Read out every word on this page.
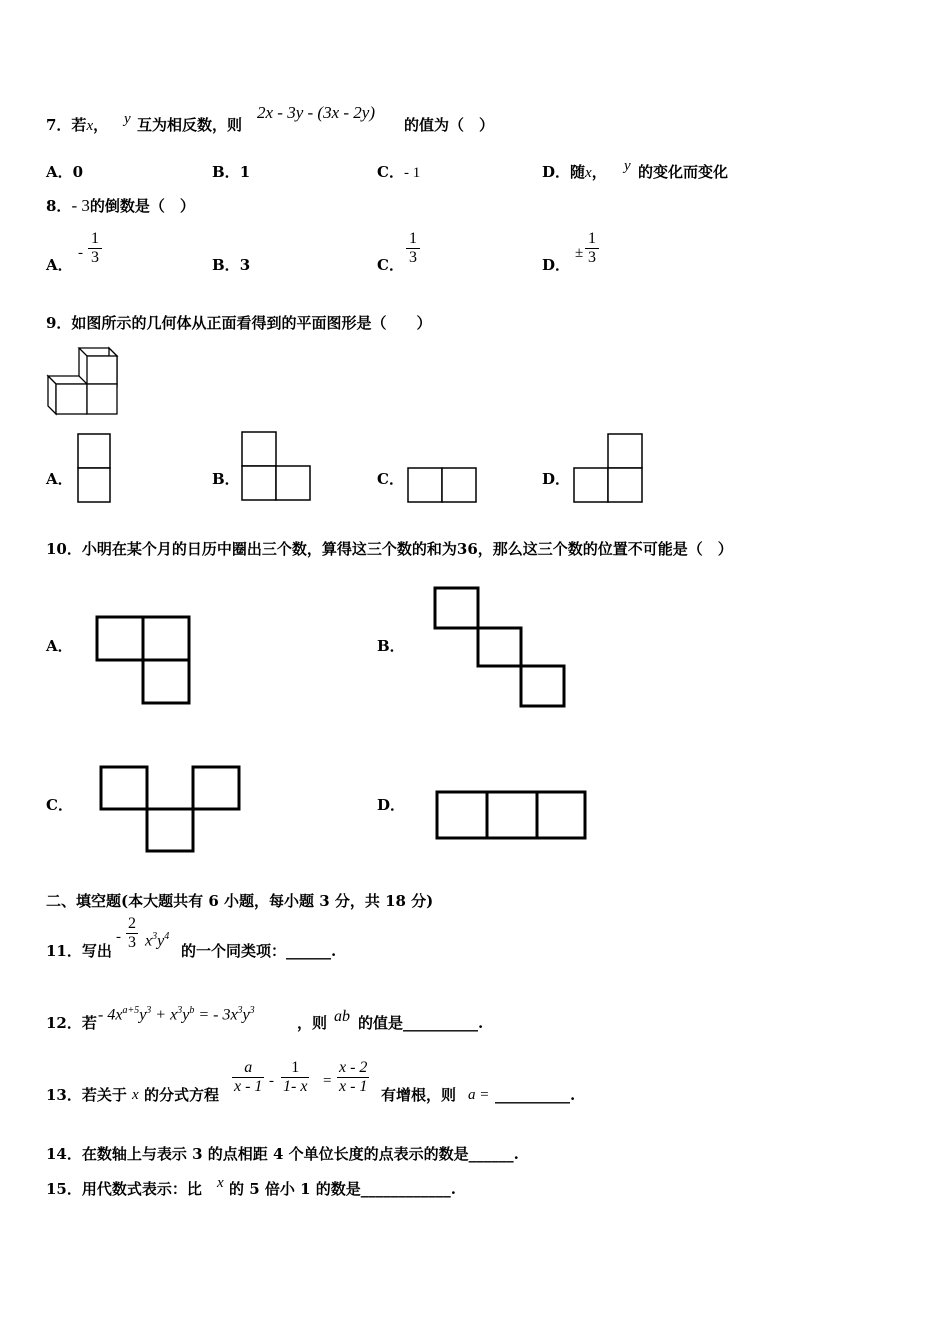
7．若x， y 互为相反数，则
2x - 3y - (3x - 2y)
的值为（　）
A．0	B．1	C．- 1	D．随x， y 的变化而变化
8．- 3的倒数是（　）
A．
-
1
3	B．3	C．
1
3	D．
±
1
3
9．如图所示的几何体从正面看得到的平面图形是（　　）
A．	B．	C．	D．
10．小明在某个月的日历中圈出三个数，算得这三个数的和为36，那么这三个数的位置不可能是（　）
A．	B．
C．	D．
二、填空题(本大题共有 6 小题，每小题 3 分，共 18 分)
11．写出
- $\frac{2}{3} x^3y^4$
的一个同类项：______.
12．若 - $4x^{a+5}y^3 + x^3y^b$ = - $3x^3y^3$
，则 ab 的值是__________.
13．若关于 x 的分式方程 $\frac{a}{x - 1} - \frac{1}{1- x} = \frac{x - 2}{x - 1}$ 有增根，则 a = __________.
14．在数轴上与表示 3 的点相距 4 个单位长度的点表示的数是______.
15．用代数式表示：比 x 的 5 倍小 1 的数是____________.
